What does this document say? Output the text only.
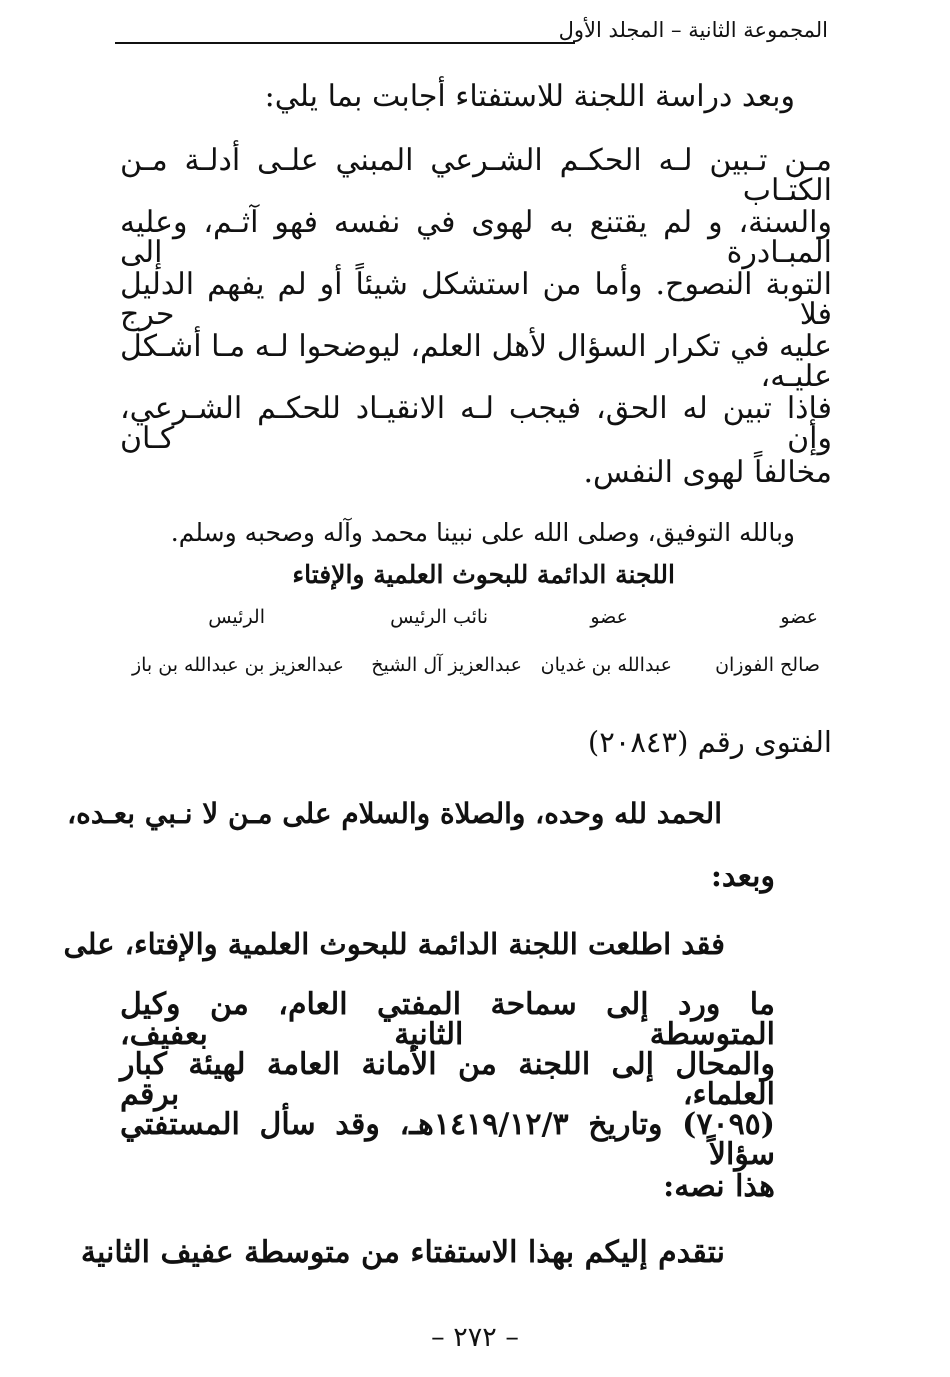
المجموعة الثانية – المجلد الأول
وبعد دراسة اللجنة للاستفتاء أجابت بما يلي:
مـن تـبين لـه الحكـم الشـرعي المبني علـى أدلـة مـن الكتـاب
والسنة، و لم يقتنع به لهوى في نفسه فهو آثـم، وعليه المبـادرة إلى
التوبة النصوح. وأما من استشكل شيئاً أو لم يفهم الدليل فلا حرج
عليه في تكرار السؤال لأهل العلم، ليوضحوا لـه مـا أشـكل عليـه،
فإذا تبين له الحق، فيجب لـه الانقيـاد للحكـم الشـرعي، وإن كـان
مخالفاً لهوى النفس.
وبالله التوفيق، وصلى الله على نبينا محمد وآله وصحبه وسلم.
اللجنة الدائمة للبحوث العلمية والإفتاء
عضو
عضو
نائب الرئيس
الرئيس
صالح الفوزان
عبدالله بن غديان
عبدالعزيز آل الشيخ
عبدالعزيز بن عبدالله بن باز
الفتوى رقم (٢٠٨٤٣)
الحمد لله وحده، والصلاة والسلام على مـن لا نـبي بعـده،
وبعد:
فقد اطلعت اللجنة الدائمة للبحوث العلمية والإفتاء، على
ما ورد إلى سماحة المفتي العام، من وكيل المتوسطة الثانية بعفيف،
والمحال إلى اللجنة من الأمانة العامة لهيئة كبار العلماء، برقم
(٧٠٩٥) وتاريخ ١٤١٩/١٢/٣هـ، وقد سأل المستفتي سؤالاً
هذا نصه:
نتقدم إليكم بهذا الاستفتاء من متوسطة عفيف الثانية
– ٢٧٢ –
